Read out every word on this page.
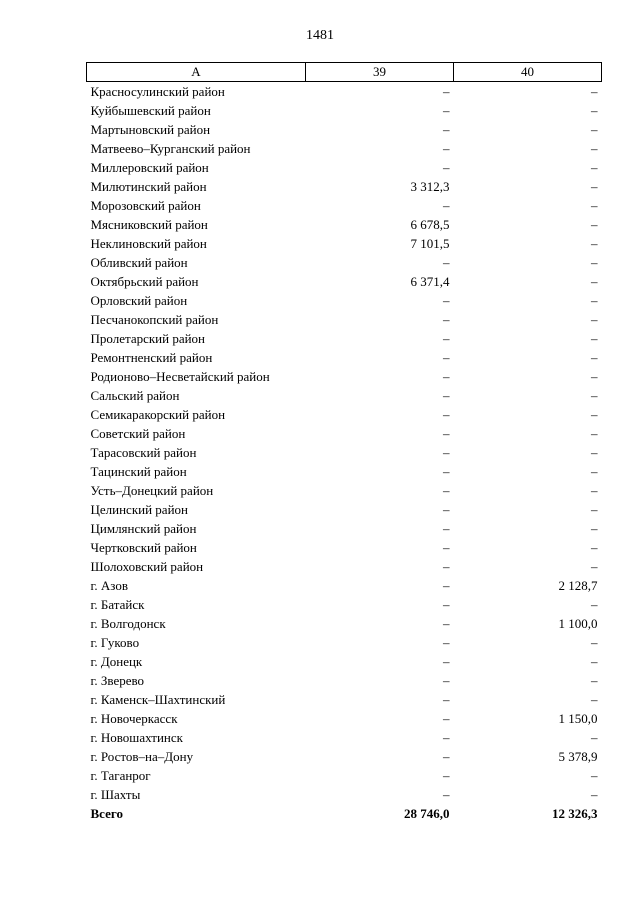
1481
А	39	40
Красносулинский район	–	–
Куйбышевский район	–	–
Мартыновский район	–	–
Матвеево–Курганский район	–	–
Миллеровский район	–	–
Милютинский район	3 312,3	–
Морозовский район	–	–
Мясниковский район	6 678,5	–
Неклиновский район	7 101,5	–
Обливский район	–	–
Октябрьский район	6 371,4	–
Орловский район	–	–
Песчанокопский район	–	–
Пролетарский район	–	–
Ремонтненский район	–	–
Родионово–Несветайский район	–	–
Сальский район	–	–
Семикаракорский район	–	–
Советский район	–	–
Тарасовский район	–	–
Тацинский район	–	–
Усть–Донецкий район	–	–
Целинский район	–	–
Цимлянский район	–	–
Чертковский район	–	–
Шолоховский район	–	–
г. Азов	–	2 128,7
г. Батайск	–	–
г. Волгодонск	–	1 100,0
г. Гуково	–	–
г. Донецк	–	–
г. Зверево	–	–
г. Каменск–Шахтинский	–	–
г. Новочеркасск	–	1 150,0
г. Новошахтинск	–	–
г. Ростов–на–Дону	–	5 378,9
г. Таганрог	–	–
г. Шахты	–	–
Всего	28 746,0	12 326,3
